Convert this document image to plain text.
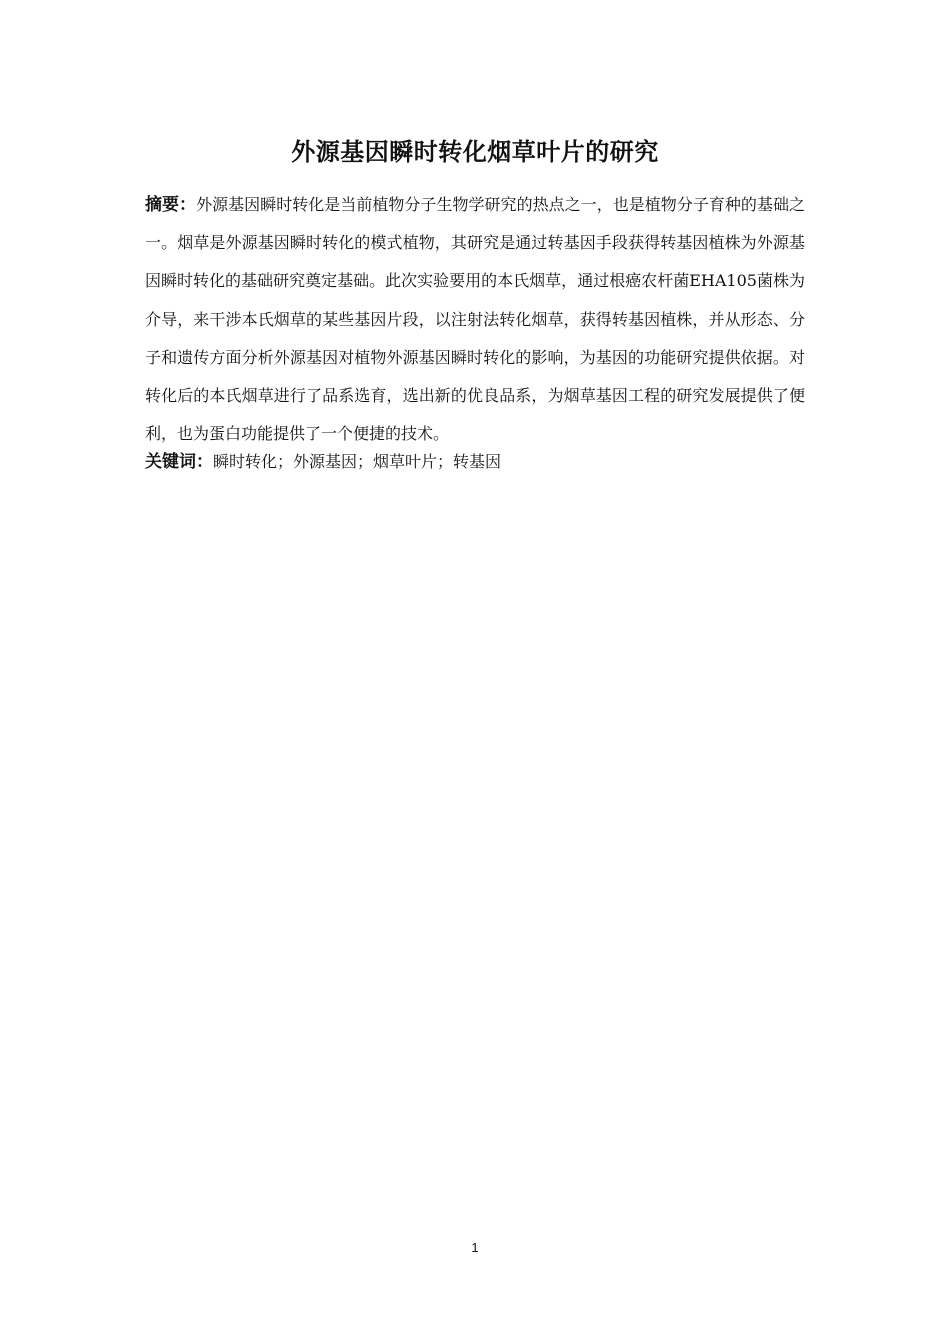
外源基因瞬时转化烟草叶片的研究

摘要：外源基因瞬时转化是当前植物分子生物学研究的热点之一，也是植物分子育种的基础之一。烟草是外源基因瞬时转化的模式植物，其研究是通过转基因手段获得转基因植株为外源基因瞬时转化的基础研究奠定基础。此次实验要用的本氏烟草，通过根癌农杆菌EHA105菌株为介导，来干涉本氏烟草的某些基因片段，以注射法转化烟草，获得转基因植株，并从形态、分子和遗传方面分析外源基因对植物外源基因瞬时转化的影响，为基因的功能研究提供依据。对转化后的本氏烟草进行了品系选育，选出新的优良品系，为烟草基因工程的研究发展提供了便利，也为蛋白功能提供了一个便捷的技术。

关键词：瞬时转化；外源基因；烟草叶片；转基因

1
